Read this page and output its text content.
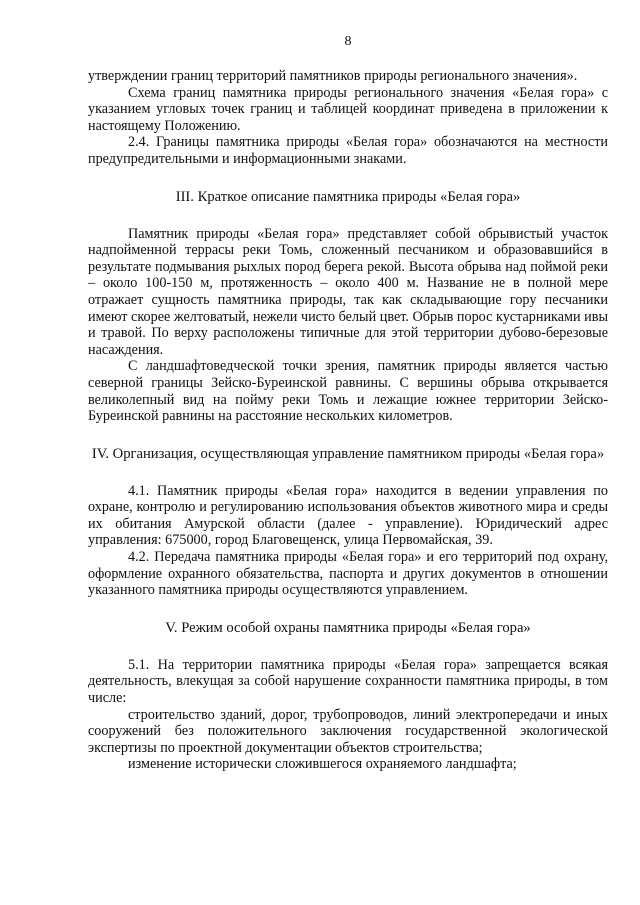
8

утверждении границ территорий памятников природы регионального значения».

Схема границ памятника природы регионального значения «Белая гора» с указанием угловых точек границ и таблицей координат приведена в приложении к настоящему Положению.

2.4. Границы памятника природы «Белая гора» обозначаются на местности предупредительными и информационными знаками.

III. Краткое описание памятника природы «Белая гора»

Памятник природы «Белая гора» представляет собой обрывистый участок надпойменной террасы реки Томь, сложенный песчаником и образовавшийся в результате подмывания рыхлых пород берега рекой. Высота обрыва над поймой реки – около 100-150 м, протяженность – около 400 м. Название не в полной мере отражает сущность памятника природы, так как складывающие гору песчаники имеют скорее желтоватый, нежели чисто белый цвет. Обрыв порос кустарниками ивы и травой. По верху расположены типичные для этой территории дубово-березовые насаждения.

С ландшафтоведческой точки зрения, памятник природы является частью северной границы Зейско-Буреинской равнины. С вершины обрыва открывается великолепный вид на пойму реки Томь и лежащие южнее территории Зейско-Буреинской равнины на расстояние нескольких километров.

IV. Организация, осуществляющая управление памятником природы «Белая гора»

4.1. Памятник природы «Белая гора» находится в ведении управления по охране, контролю и регулированию использования объектов животного мира и среды их обитания Амурской области (далее - управление). Юридический адрес управления: 675000, город Благовещенск, улица Первомайская, 39.

4.2. Передача памятника природы «Белая гора» и его территорий под охрану, оформление охранного обязательства, паспорта и других документов в отношении указанного памятника природы осуществляются управлением.

V. Режим особой охраны памятника природы «Белая гора»

5.1. На территории памятника природы «Белая гора» запрещается всякая деятельность, влекущая за собой нарушение сохранности памятника природы, в том числе:

строительство зданий, дорог, трубопроводов, линий электропередачи и иных сооружений без положительного заключения государственной экологической экспертизы по проектной документации объектов строительства;

изменение исторически сложившегося охраняемого ландшафта;
